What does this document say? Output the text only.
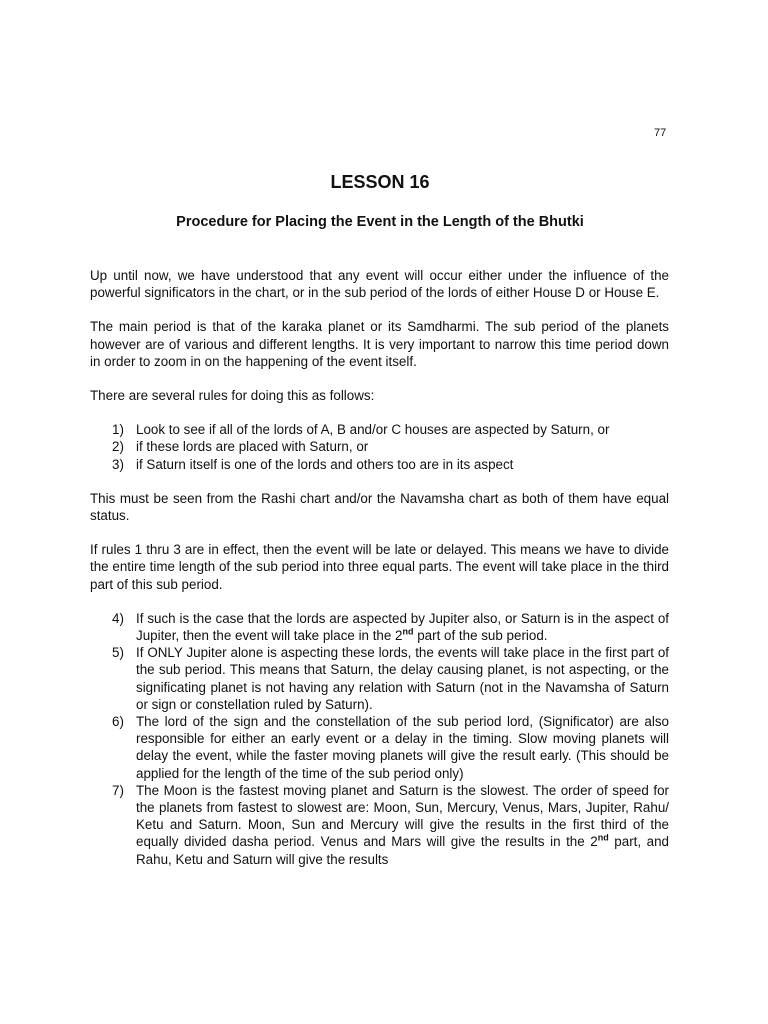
77
LESSON 16
Procedure for Placing the Event in the Length of the Bhutki

Up until now, we have understood that any event will occur either under the influence of the powerful significators in the chart, or in the sub period of the lords of either House D or House E.

The main period is that of the karaka planet or its Samdharmi. The sub period of the planets however are of various and different lengths. It is very important to narrow this time period down in order to zoom in on the happening of the event itself.

There are several rules for doing this as follows:

1) Look to see if all of the lords of A, B and/or C houses are aspected by Saturn, or
2) if these lords are placed with Saturn, or
3) if Saturn itself is one of the lords and others too are in its aspect

This must be seen from the Rashi chart and/or the Navamsha chart as both of them have equal status.

If rules 1 thru 3 are in effect, then the event will be late or delayed. This means we have to divide the entire time length of the sub period into three equal parts. The event will take place in the third part of this sub period.

4) If such is the case that the lords are aspected by Jupiter also, or Saturn is in the aspect of Jupiter, then the event will take place in the 2nd part of the sub period.
5) If ONLY Jupiter alone is aspecting these lords, the events will take place in the first part of the sub period. This means that Saturn, the delay causing planet, is not aspecting, or the significating planet is not having any relation with Saturn (not in the Navamsha of Saturn or sign or constellation ruled by Saturn).
6) The lord of the sign and the constellation of the sub period lord, (Significator) are also responsible for either an early event or a delay in the timing. Slow moving planets will delay the event, while the faster moving planets will give the result early. (This should be applied for the length of the time of the sub period only)
7) The Moon is the fastest moving planet and Saturn is the slowest. The order of speed for the planets from fastest to slowest are: Moon, Sun, Mercury, Venus, Mars, Jupiter, Rahu/ Ketu and Saturn. Moon, Sun and Mercury will give the results in the first third of the equally divided dasha period. Venus and Mars will give the results in the 2nd part, and Rahu, Ketu and Saturn will give the results
